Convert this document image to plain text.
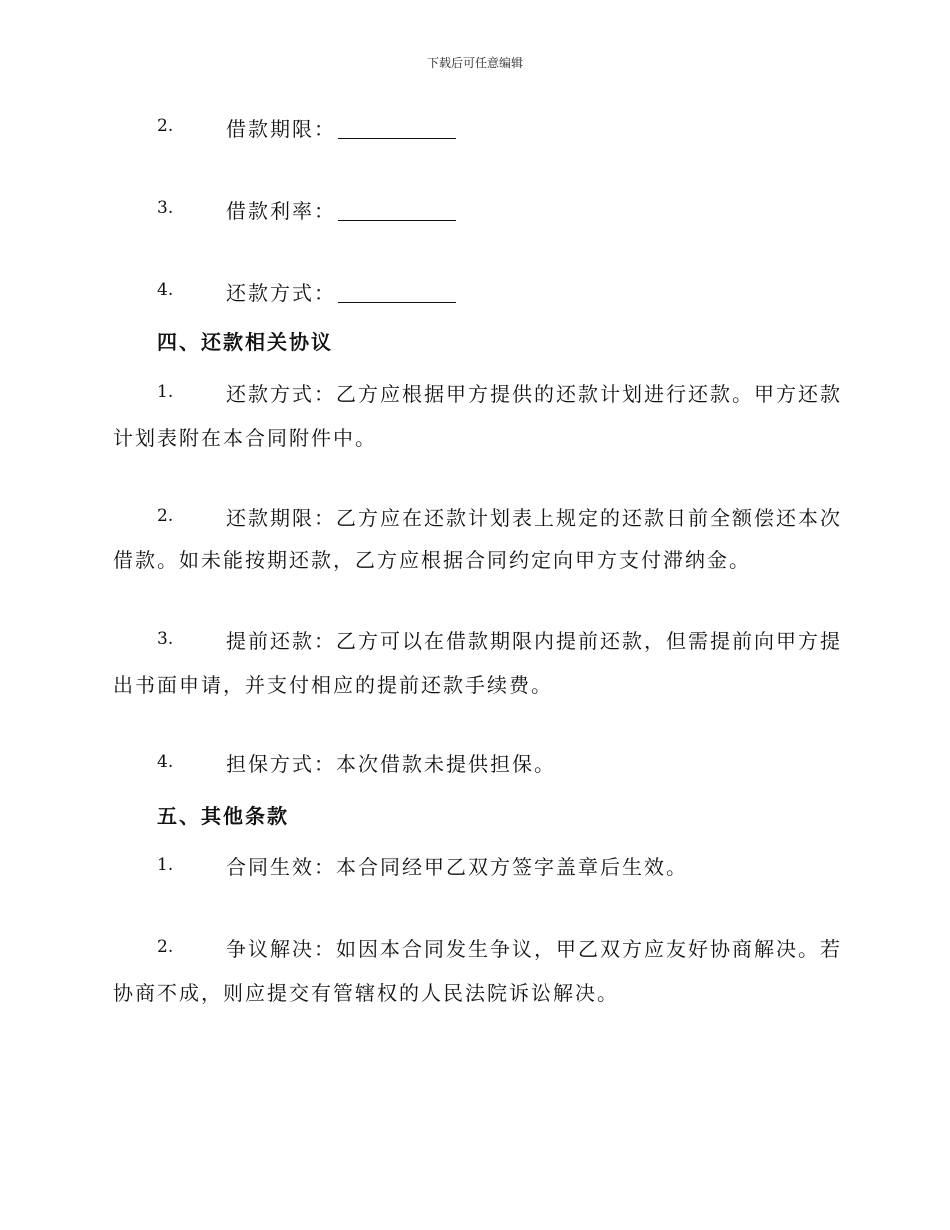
下载后可任意编辑
2.	借款期限：
3.	借款利率：
4.	还款方式：
四、还款相关协议
1.	还款方式：乙方应根据甲方提供的还款计划进行还款。甲方还款
计划表附在本合同附件中。
2.	还款期限：乙方应在还款计划表上规定的还款日前全额偿还本次
借款。如未能按期还款，乙方应根据合同约定向甲方支付滞纳金。
3.	提前还款：乙方可以在借款期限内提前还款，但需提前向甲方提
出书面申请，并支付相应的提前还款手续费。
4.	担保方式：本次借款未提供担保。
五、其他条款
1.	合同生效：本合同经甲乙双方签字盖章后生效。
2.	争议解决：如因本合同发生争议，甲乙双方应友好协商解决。若
协商不成，则应提交有管辖权的人民法院诉讼解决。
